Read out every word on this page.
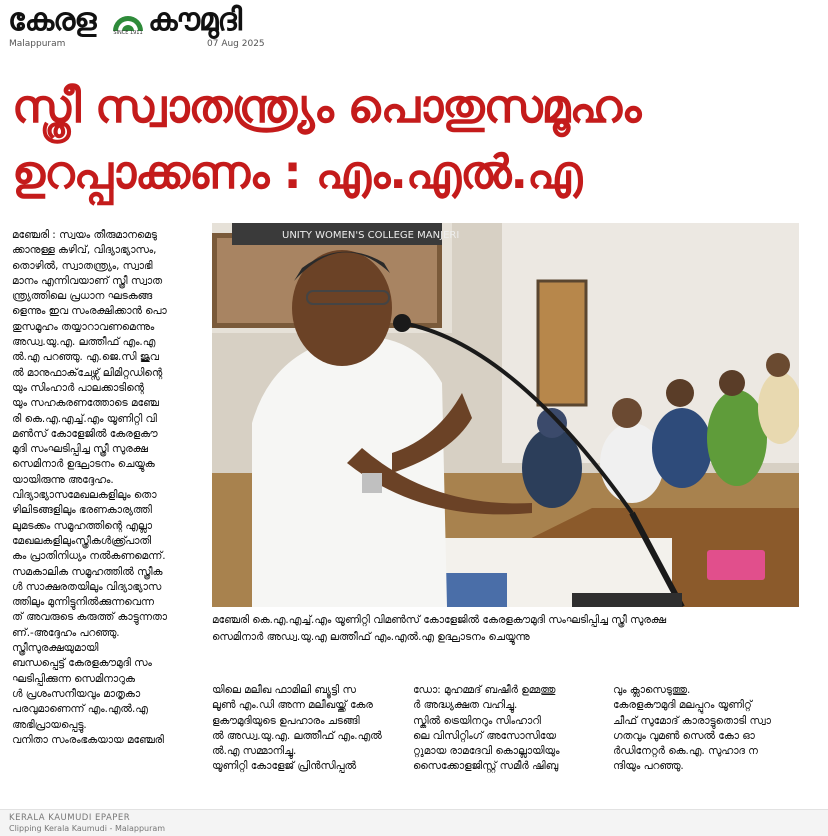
കേരള	SINCE 1911 കൗമുദി
Malappuram	07 Aug 2025
സ്ത്രീ സ്വാതന്ത്ര്യം പൊതുസമൂഹം
ഉറപ്പാക്കണം : എം.എൽ.എ

മഞ്ചേരി : സ്വയം തീരുമാനമെടു

ക്കാനുള്ള കഴിവ്, വിദ്യാഭ്യാസം,

തൊഴിൽ, സ്വാതന്ത്ര്യം, സ്വാഭി

മാനം എന്നിവയാണ് സ്ത്രീ സ്വാത

ന്ത്ര്യത്തിലെ പ്രധാന ഘടകങ്ങ

ളെന്നും ഇവ സംരക്ഷിക്കാൻ പൊ

തുസമൂഹം തയ്യാറാവണമെന്നും

അഡ്വ.യു.എ. ലത്തീഫ് എം.എ

ൽ.എ പറഞ്ഞു. എ.ജെ.സി ജുവ

ൽ മാനുഫാക്‌ചേഴ്സ് ലിമിറ്റഡിന്റെ

യും സിംഹാർ പാലക്കാടിന്റെ

യും സഹകരണത്തോടെ മഞ്ചേ

രി കെ.എ.എച്ച്.എം യൂണിറ്റി വി

മൺസ് കോളേജിൽ കേരളകൗ

മുദി സംഘടിപ്പിച്ച സ്ത്രീ സുരക്ഷ

സെമിനാർ ഉദ്ഘാടനം ചെയ്യുക

യായിരുന്നു അദ്ദേഹം.

വിദ്യാഭ്യാസമേഖലകളിലും തൊ

ഴിലിടങ്ങളിലും ഭരണകാര്യത്തി

ലുമടക്കം സമൂഹത്തിന്റെ എല്ലാ

മേഖലകളിലുംസ്ത്രീകൾക്ക്പ്രാതി

കം പ്രാതിനിധ്യം നൽകണമെന്ന്.

സമകാലിക സമൂഹത്തിൽ സ്ത്രീക

ൾ സാക്ഷരതയിലും വിദ്യാഭ്യാസ

ത്തിലും മുന്നിട്ടുനിൽക്കുന്നവെന്ന

ത് അവരുടെ കരുത്ത് കാട്ടുന്നതാ

ണ്.-അദ്ദേഹം പറഞ്ഞു.

സ്ത്രീസുരക്ഷയുമായി

ബന്ധപ്പെട്ട് കേരളകൗമുദി സം

ഘടിപ്പിക്കുന്ന സെമിനാറുക

ൾ പ്രശംസനീയവും മാതൃകാ

പരവുമാണെന്ന് എം.എൽ.എ

അഭിപ്രായപ്പെട്ടു.

വനിതാ സംരംഭകയായ മഞ്ചേരി

യിലെ മലീഖ ഫാമിലി ബ്യൂട്ടി സ

ലൂൺ എം.ഡി അന്ന മലീഖയ്ക്ക് കേര

ളകൗമുദിയുടെ ഉപഹാരം ചടങ്ങി

ൽ അഡ്വ.യു.എ. ലത്തീഫ് എം.എൽ

ൽ.എ സമ്മാനിച്ചു.

യൂണിറ്റി കോളേജ് പ്രിൻസിപ്പൽ

ഡോ: മുഹമ്മദ് ബഷീർ ഉമ്മത്തു

ർ അദ്ധ്യക്ഷത വഹിച്ചു.

സ്കിൽ ട്രെയിനറും സിംഹാറി

ലെ വിസിറ്റിംഗ് അസോസിയേ

റ്റുമായ രാമദേവി കൊല്ലായിയും

സൈക്കോളജിസ്റ്റ് സമീർ ഷിബു

വും ക്ലാസെടുത്തു.

കേരളകൗമുദി മലപ്പുറം യൂണിറ്റ്

ചീഫ് സുമോദ് കാരാട്ടുതൊടി സ്വാ

ഗതവും വുമൺ സെൽ കോ ഓ

ർഡിനേറ്റർ കെ.എ. സുഹാദ ന

ന്ദിയും പറഞ്ഞു.

UNITY WOMEN'S COLLEGE MANJERI
മഞ്ചേരി കെ.എ.എച്ച്.എം യൂണിറ്റി വിമൺസ് കോളേജിൽ കേരളകൗമുദി സംഘടിപ്പിച്ച സ്ത്രീ സുരക്ഷ
സെമിനാർ അഡ്വ.യു.എ ലത്തീഫ് എം.എൽ.എ ഉദ്ഘാടനം ചെയ്യുന്നു
KERALA KAUMUDI EPAPER
Clipping Kerala Kaumudi - Malappuram
